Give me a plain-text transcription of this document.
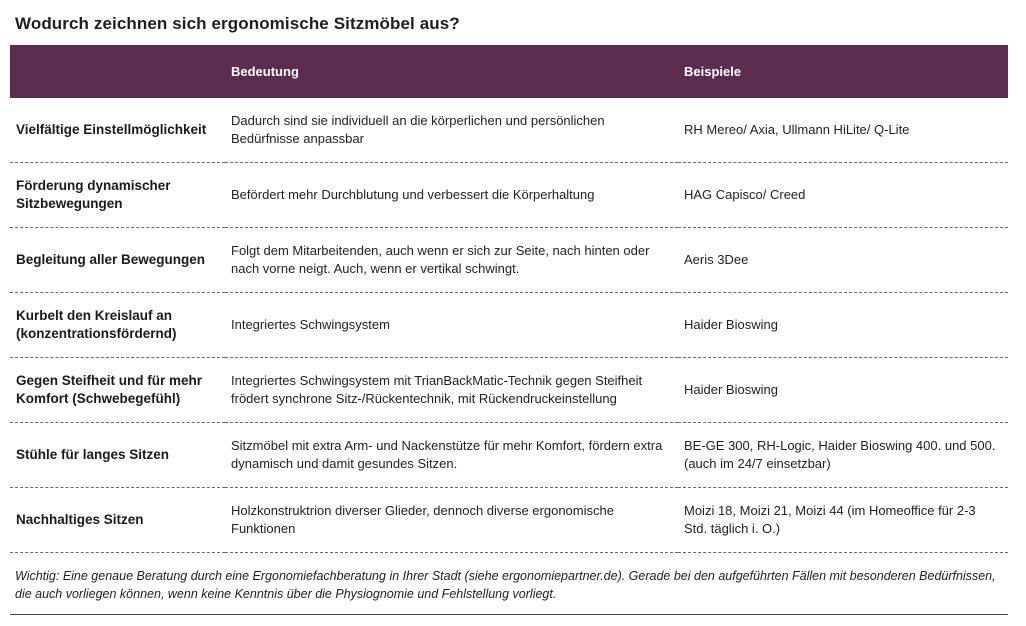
Wodurch zeichnen sich ergonomische Sitzmöbel aus?
	Bedeutung	Beispiele
Vielfältige Einstellmöglichkeit	Dadurch sind sie individuell an die körperlichen und persönlichen Bedürfnisse anpassbar	RH Mereo/ Axia, Ullmann HiLite/ Q-Lite
Förderung dynamischer Sitzbewegungen	Befördert mehr Durchblutung und verbessert die Körperhaltung	HAG Capisco/ Creed
Begleitung aller Bewegungen	Folgt dem Mitarbeitenden, auch wenn er sich zur Seite, nach hinten oder nach vorne neigt. Auch, wenn er vertikal schwingt.	Aeris 3Dee
Kurbelt den Kreislauf an (konzentrationsfördernd)	Integriertes Schwingsystem	Haider Bioswing
Gegen Steifheit und für mehr Komfort (Schwebegefühl)	Integriertes Schwingsystem mit TrianBackMatic-Technik gegen Steifheit frödert synchrone Sitz-/Rückentechnik, mit Rückendruckeinstellung	Haider Bioswing
Stühle für langes Sitzen	Sitzmöbel mit extra Arm- und Nackenstütze für mehr Komfort, fördern extra dynamisch und damit gesundes Sitzen.	BE-GE 300, RH-Logic, Haider Bioswing 400. und 500. (auch im 24/7 einsetzbar)
Nachhaltiges Sitzen	Holzkonstruktrion diverser Glieder, dennoch diverse ergonomische Funktionen	Moizi 18, Moizi 21, Moizi 44 (im Homeoffice für 2-3 Std. täglich i. O.)
Wichtig: Eine genaue Beratung durch eine Ergonomiefachberatung in Ihrer Stadt (siehe ergonomiepartner.de). Gerade bei den aufgeführten Fällen mit besonderen Bedürfnissen, die auch vorliegen können, wenn keine Kenntnis über die Physiognomie und Fehlstellung vorliegt.
